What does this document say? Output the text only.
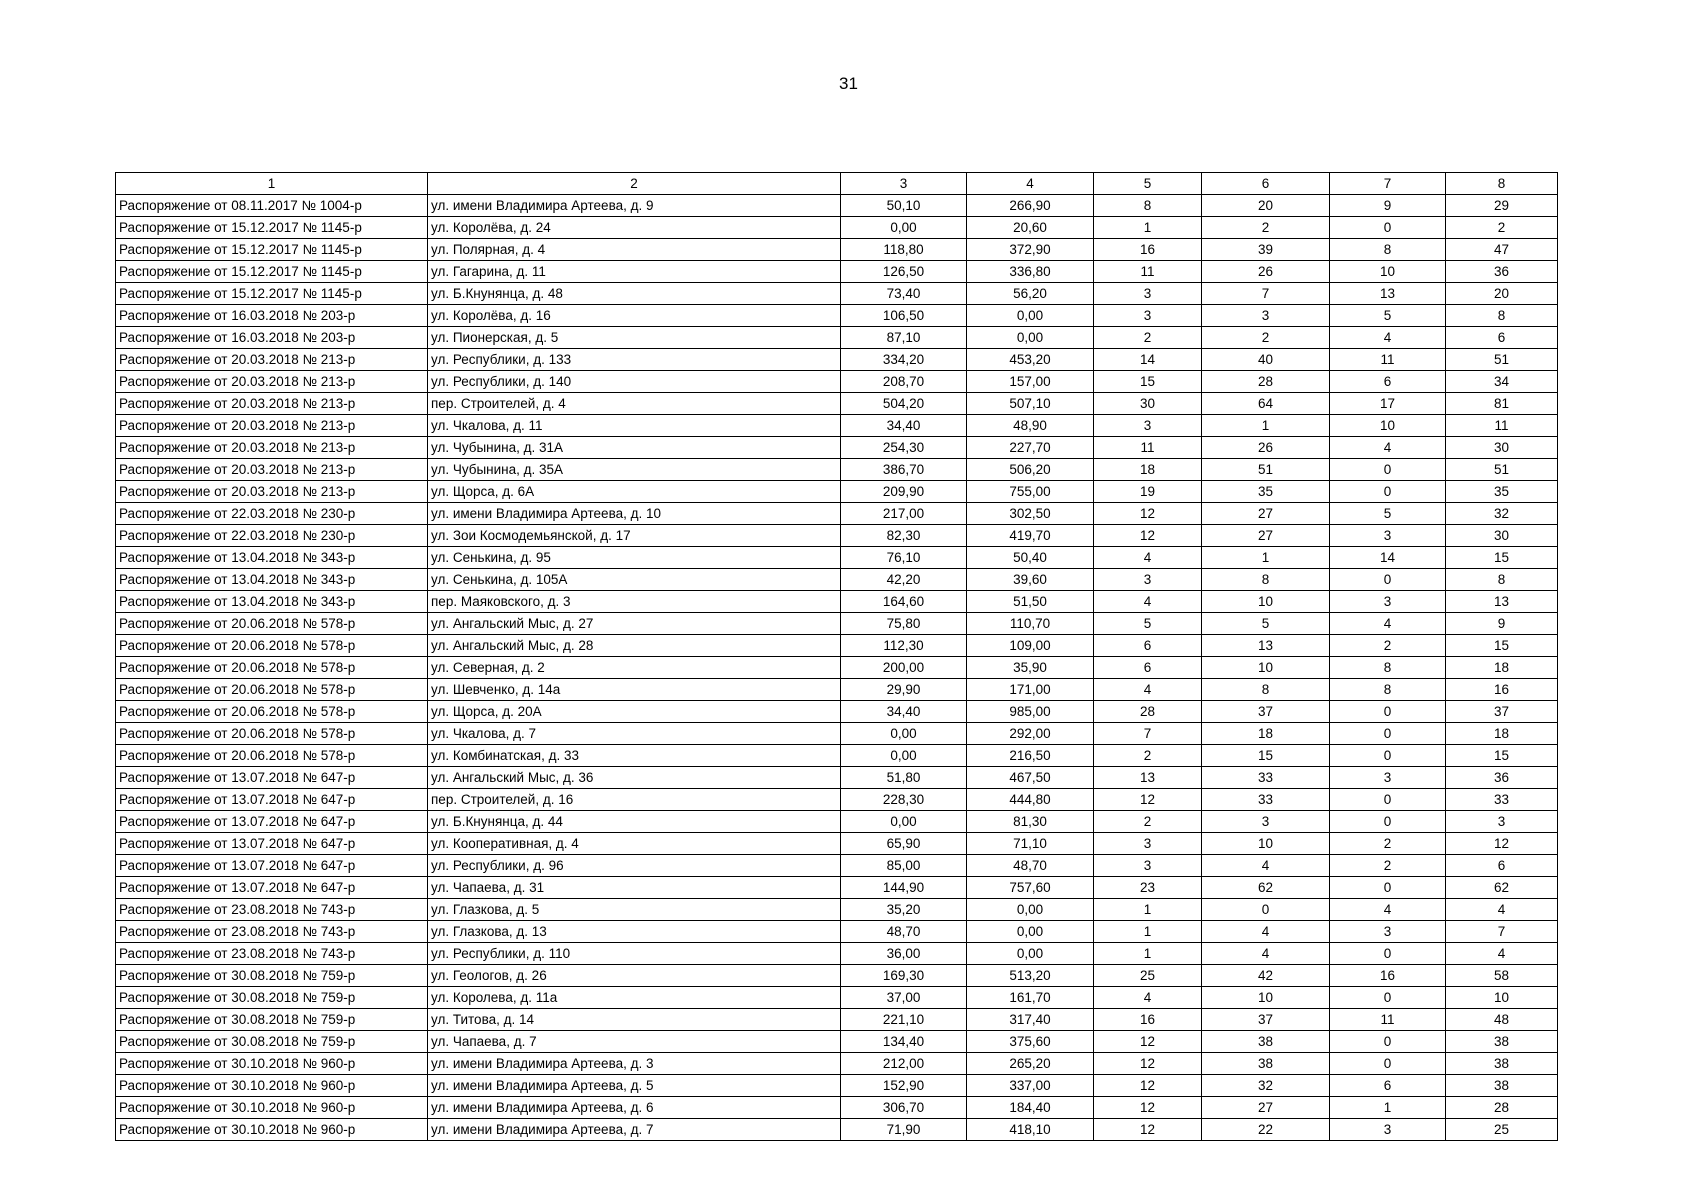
31
1	2	3	4	5	6	7	8
Распоряжение от 08.11.2017 № 1004-р	ул. имени Владимира Артеева, д. 9	50,10	266,90	8	20	9	29
Распоряжение от 15.12.2017 № 1145-р	ул. Королёва, д. 24	0,00	20,60	1	2	0	2
Распоряжение от 15.12.2017 № 1145-р	ул. Полярная, д. 4	118,80	372,90	16	39	8	47
Распоряжение от 15.12.2017 № 1145-р	ул. Гагарина, д. 11	126,50	336,80	11	26	10	36
Распоряжение от 15.12.2017 № 1145-р	ул. Б.Кнунянца, д. 48	73,40	56,20	3	7	13	20
Распоряжение от 16.03.2018 № 203-р	ул. Королёва, д. 16	106,50	0,00	3	3	5	8
Распоряжение от 16.03.2018 № 203-р	ул. Пионерская, д. 5	87,10	0,00	2	2	4	6
Распоряжение от 20.03.2018 № 213-р	ул. Республики, д. 133	334,20	453,20	14	40	11	51
Распоряжение от 20.03.2018 № 213-р	ул. Республики, д. 140	208,70	157,00	15	28	6	34
Распоряжение от 20.03.2018 № 213-р	пер. Строителей, д. 4	504,20	507,10	30	64	17	81
Распоряжение от 20.03.2018 № 213-р	ул. Чкалова, д. 11	34,40	48,90	3	1	10	11
Распоряжение от 20.03.2018 № 213-р	ул. Чубынина, д. 31А	254,30	227,70	11	26	4	30
Распоряжение от 20.03.2018 № 213-р	ул. Чубынина, д. 35А	386,70	506,20	18	51	0	51
Распоряжение от 20.03.2018 № 213-р	ул. Щорса, д. 6А	209,90	755,00	19	35	0	35
Распоряжение от 22.03.2018 № 230-р	ул. имени Владимира Артеева, д. 10	217,00	302,50	12	27	5	32
Распоряжение от 22.03.2018 № 230-р	ул. Зои Космодемьянской, д. 17	82,30	419,70	12	27	3	30
Распоряжение от 13.04.2018 № 343-р	ул. Сенькина, д. 95	76,10	50,40	4	1	14	15
Распоряжение от 13.04.2018 № 343-р	ул. Сенькина, д. 105А	42,20	39,60	3	8	0	8
Распоряжение от 13.04.2018 № 343-р	пер. Маяковского, д. 3	164,60	51,50	4	10	3	13
Распоряжение от 20.06.2018 № 578-р	ул. Ангальский Мыс, д. 27	75,80	110,70	5	5	4	9
Распоряжение от 20.06.2018 № 578-р	ул. Ангальский Мыс, д. 28	112,30	109,00	6	13	2	15
Распоряжение от 20.06.2018 № 578-р	ул. Северная, д. 2	200,00	35,90	6	10	8	18
Распоряжение от 20.06.2018 № 578-р	ул. Шевченко, д. 14а	29,90	171,00	4	8	8	16
Распоряжение от 20.06.2018 № 578-р	ул. Щорса, д. 20А	34,40	985,00	28	37	0	37
Распоряжение от 20.06.2018 № 578-р	ул. Чкалова, д. 7	0,00	292,00	7	18	0	18
Распоряжение от 20.06.2018 № 578-р	ул. Комбинатская, д. 33	0,00	216,50	2	15	0	15
Распоряжение от 13.07.2018 № 647-р	ул. Ангальский Мыс, д. 36	51,80	467,50	13	33	3	36
Распоряжение от 13.07.2018 № 647-р	пер. Строителей, д. 16	228,30	444,80	12	33	0	33
Распоряжение от 13.07.2018 № 647-р	ул. Б.Кнунянца, д. 44	0,00	81,30	2	3	0	3
Распоряжение от 13.07.2018 № 647-р	ул. Кооперативная, д. 4	65,90	71,10	3	10	2	12
Распоряжение от 13.07.2018 № 647-р	ул. Республики, д. 96	85,00	48,70	3	4	2	6
Распоряжение от 13.07.2018 № 647-р	ул. Чапаева, д. 31	144,90	757,60	23	62	0	62
Распоряжение от 23.08.2018 № 743-р	ул. Глазкова, д. 5	35,20	0,00	1	0	4	4
Распоряжение от 23.08.2018 № 743-р	ул. Глазкова, д. 13	48,70	0,00	1	4	3	7
Распоряжение от 23.08.2018 № 743-р	ул. Республики, д. 110	36,00	0,00	1	4	0	4
Распоряжение от 30.08.2018 № 759-р	ул. Геологов, д. 26	169,30	513,20	25	42	16	58
Распоряжение от 30.08.2018 № 759-р	ул. Королева, д. 11а	37,00	161,70	4	10	0	10
Распоряжение от 30.08.2018 № 759-р	ул. Титова, д. 14	221,10	317,40	16	37	11	48
Распоряжение от 30.08.2018 № 759-р	ул. Чапаева, д. 7	134,40	375,60	12	38	0	38
Распоряжение от 30.10.2018 № 960-р	ул. имени Владимира Артеева, д. 3	212,00	265,20	12	38	0	38
Распоряжение от 30.10.2018 № 960-р	ул. имени Владимира Артеева, д. 5	152,90	337,00	12	32	6	38
Распоряжение от 30.10.2018 № 960-р	ул. имени Владимира Артеева, д. 6	306,70	184,40	12	27	1	28
Распоряжение от 30.10.2018 № 960-р	ул. имени Владимира Артеева, д. 7	71,90	418,10	12	22	3	25
